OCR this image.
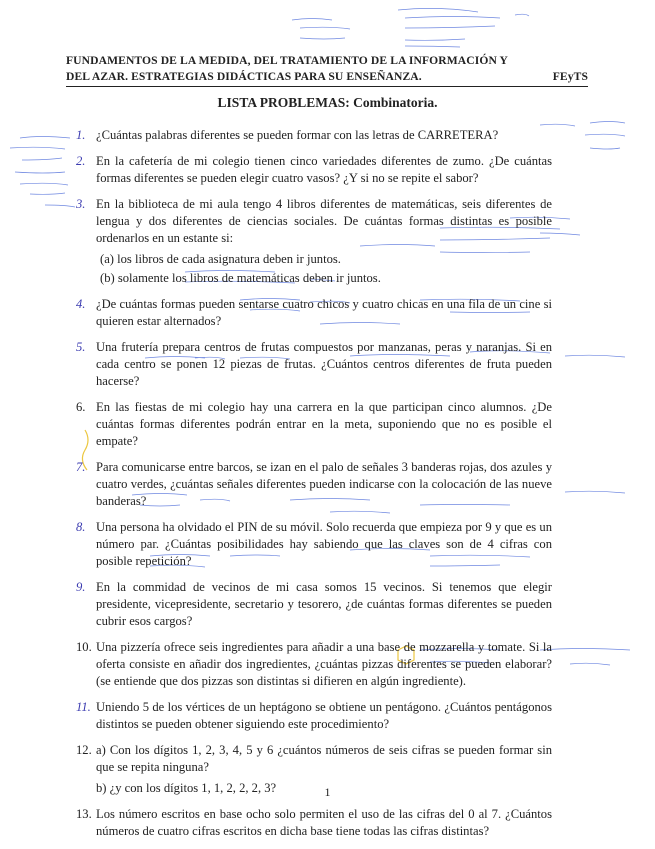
FUNDAMENTOS DE LA MEDIDA, DEL TRATAMIENTO DE LA INFORMACIÓN Y
DEL AZAR. ESTRATEGIAS DIDÁCTICAS PARA SU ENSEÑANZA.	FEyTS
LISTA PROBLEMAS: Combinatoria.
1. ¿Cuántas palabras diferentes se pueden formar con las letras de CARRETERA?
2. En la cafetería de mi colegio tienen cinco variedades diferentes de zumo. ¿De cuántas formas diferentes se pueden elegir cuatro vasos? ¿Y si no se repite el sabor?
3. En la biblioteca de mi aula tengo 4 libros diferentes de matemáticas, seis diferentes de lengua y dos diferentes de ciencias sociales. De cuántas formas distintas es posible ordenarlos en un estante si:
(a) los libros de cada asignatura deben ir juntos.
(b) solamente los libros de matemáticas deben ir juntos.
4. ¿De cuántas formas pueden sentarse cuatro chicos y cuatro chicas en una fila de un cine si quieren estar alternados?
5. Una frutería prepara centros de frutas compuestos por manzanas, peras y naranjas. Si en cada centro se ponen 12 piezas de frutas. ¿Cuántos centros diferentes de fruta pueden hacerse?
6. En las fiestas de mi colegio hay una carrera en la que participan cinco alumnos. ¿De cuántas formas diferentes podrán entrar en la meta, suponiendo que no es posible el empate?
7. Para comunicarse entre barcos, se izan en el palo de señales 3 banderas rojas, dos azules y cuatro verdes, ¿cuántas señales diferentes pueden indicarse con la colocación de las nueve banderas?
8. Una persona ha olvidado el PIN de su móvil. Solo recuerda que empieza por 9 y que es un número par. ¿Cuántas posibilidades hay sabiendo que las claves son de 4 cifras con posible repetición?
9. En la commidad de vecinos de mi casa somos 15 vecinos. Si tenemos que elegir presidente, vicepresidente, secretario y tesorero, ¿de cuántas formas diferentes se pueden cubrir esos cargos?
10. Una pizzería ofrece seis ingredientes para añadir a una base de mozzarella y tomate. Si la oferta consiste en añadir dos ingredientes, ¿cuántas pizzas diferentes se pueden elaborar? (se entiende que dos pizzas son distintas si difieren en algún ingrediente).
11. Uniendo 5 de los vértices de un heptágono se obtiene un pentágono. ¿Cuántos pentágonos distintos se pueden obtener siguiendo este procedimiento?
12. a) Con los dígitos 1, 2, 3, 4, 5 y 6 ¿cuántos números de seis cifras se pueden formar sin que se repita ninguna?
b) ¿y con los dígitos 1, 1, 2, 2, 2, 3?
13. Los número escritos en base ocho solo permiten el uso de las cifras del 0 al 7. ¿Cuántos números de cuatro cifras escritos en dicha base tiene todas las cifras distintas?
1
